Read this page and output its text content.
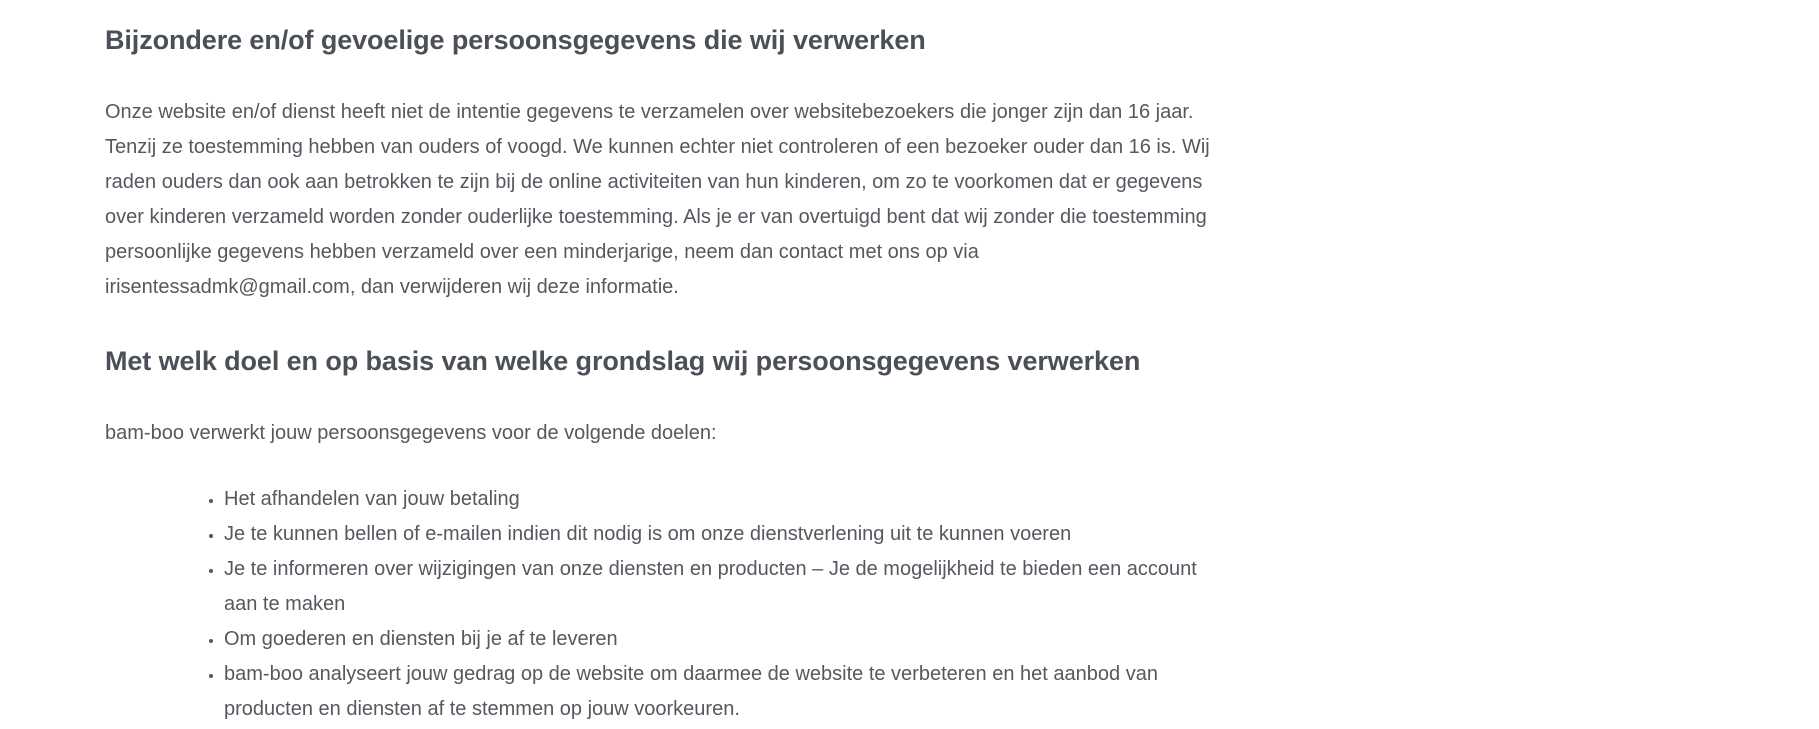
Bijzondere en/of gevoelige persoonsgegevens die wij verwerken

Onze website en/of dienst heeft niet de intentie gegevens te verzamelen over websitebezoekers die jonger zijn dan 16 jaar. Tenzij ze toestemming hebben van ouders of voogd. We kunnen echter niet controleren of een bezoeker ouder dan 16 is. Wij raden ouders dan ook aan betrokken te zijn bij de online activiteiten van hun kinderen, om zo te voorkomen dat er gegevens over kinderen verzameld worden zonder ouderlijke toestemming. Als je er van overtuigd bent dat wij zonder die toestemming persoonlijke gegevens hebben verzameld over een minderjarige, neem dan contact met ons op via irisentessadmk@gmail.com, dan verwijderen wij deze informatie.

Met welk doel en op basis van welke grondslag wij persoonsgegevens verwerken

bam-boo verwerkt jouw persoonsgegevens voor de volgende doelen:

• Het afhandelen van jouw betaling
• Je te kunnen bellen of e-mailen indien dit nodig is om onze dienstverlening uit te kunnen voeren
• Je te informeren over wijzigingen van onze diensten en producten – Je de mogelijkheid te bieden een account aan te maken
• Om goederen en diensten bij je af te leveren
• bam-boo analyseert jouw gedrag op de website om daarmee de website te verbeteren en het aanbod van producten en diensten af te stemmen op jouw voorkeuren.
